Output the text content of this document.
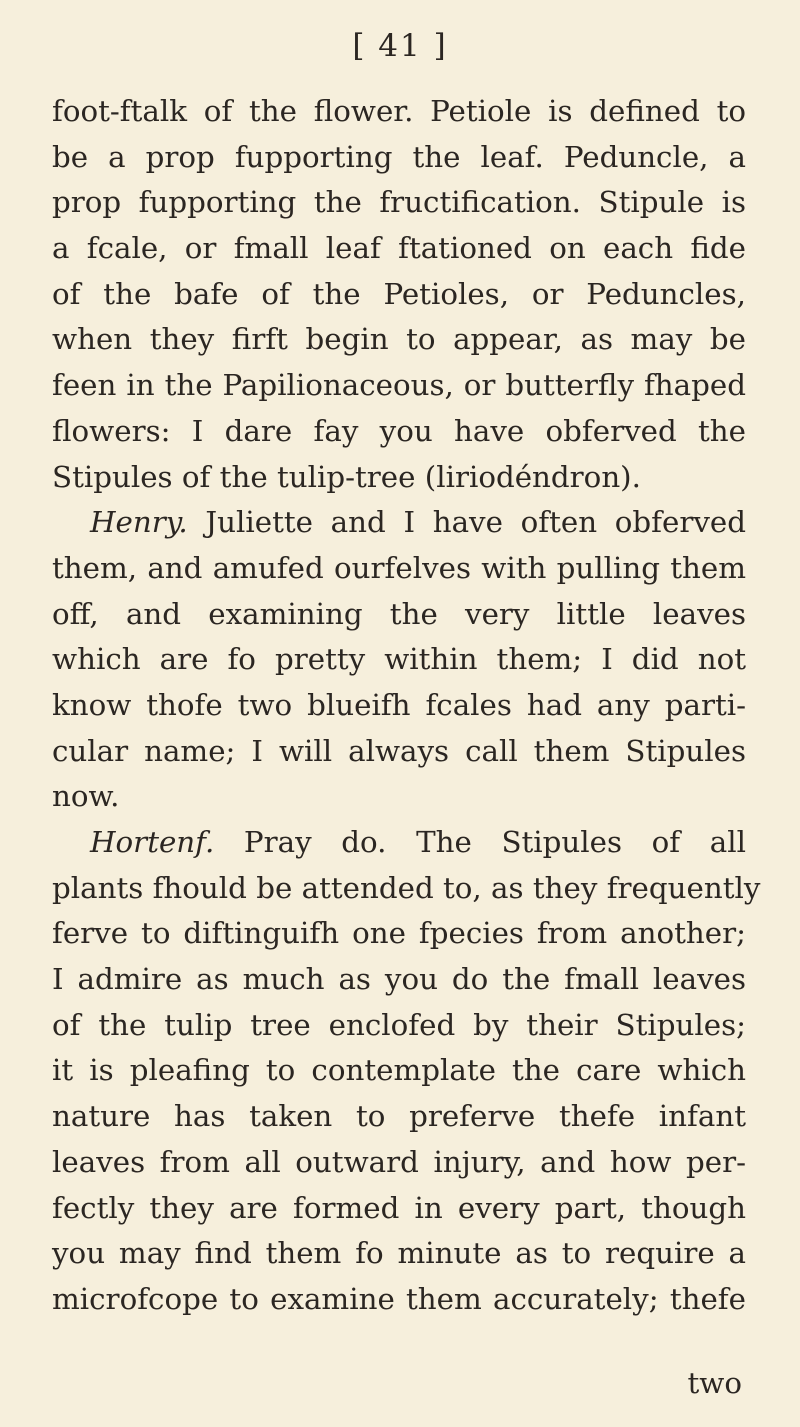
[ 41 ]
foot-ftalk of the flower. Petiole is defined to
be a prop fupporting the leaf. Peduncle, a
prop fupporting the fructification. Stipule is
a fcale, or fmall leaf ftationed on each fide
of the bafe of the Petioles, or Peduncles,
when they firft begin to appear, as may be
feen in the Papilionaceous, or butterfly fhaped
flowers: I dare fay you have obferved the
Stipules of the tulip-tree (liriodéndron).
Henry. Juliette and I have often obferved
them, and amufed ourfelves with pulling them
off, and examining the very little leaves
which are fo pretty within them; I did not
know thofe two blueifh fcales had any parti-
cular name; I will always call them Stipules
now.
Hortenf. Pray do. The Stipules of all
plants fhould be attended to, as they frequently
ferve to diftinguifh one fpecies from another;
I admire as much as you do the fmall leaves
of the tulip tree enclofed by their Stipules;
it is pleafing to contemplate the care which
nature has taken to preferve thefe infant
leaves from all outward injury, and how per-
fectly they are formed in every part, though
you may find them fo minute as to require a
microfcope to examine them accurately; thefe
two
